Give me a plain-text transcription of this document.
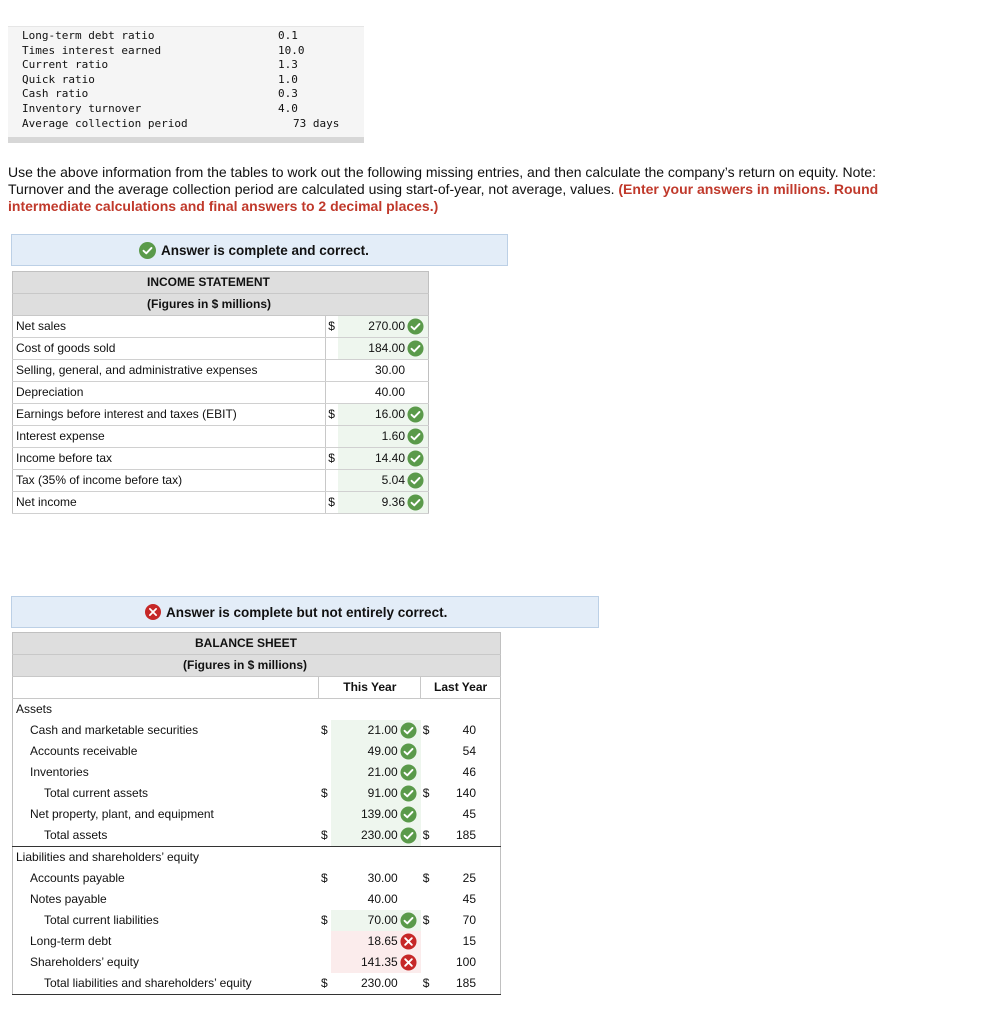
Long-term debt ratio	0.1
Times interest earned	10.0
Current ratio	1.3
Quick ratio	1.0
Cash ratio	0.3
Inventory turnover	4.0
Average collection period	73 days
Use the above information from the tables to work out the following missing entries, and then calculate the company’s return on equity. Note: Turnover and the average collection period are calculated using start-of-year, not average, values. (Enter your answers in millions. Round intermediate calculations and final answers to 2 decimal places.)
Answer is complete and correct.
INCOME STATEMENT		
(Figures in $ millions)		
Net sales	$	270.00
Cost of goods sold		184.00
Selling, general, and administrative expenses		30.00
Depreciation		40.00
Earnings before interest and taxes (EBIT)	$	16.00
Interest expense		1.60
Income before tax	$	14.40
Tax (35% of income before tax)		5.04
Net income	$	9.36
Answer is complete but not entirely correct.
BALANCE SHEET				
(Figures in $ millions)				
	This Year		Last Year	
Assets				
Cash and marketable securities	$	21.00	$	40
Accounts receivable		49.00		54
Inventories		21.00		46
Total current assets	$	91.00	$	140
Net property, plant, and equipment		139.00		45
Total assets	$	230.00	$	185
Liabilities and shareholders’ equity				
Accounts payable	$	30.00	$	25
Notes payable		40.00		45
Total current liabilities	$	70.00	$	70
Long-term debt		18.65		15
Shareholders’ equity		141.35		100
Total liabilities and shareholders’ equity	$	230.00	$	185
